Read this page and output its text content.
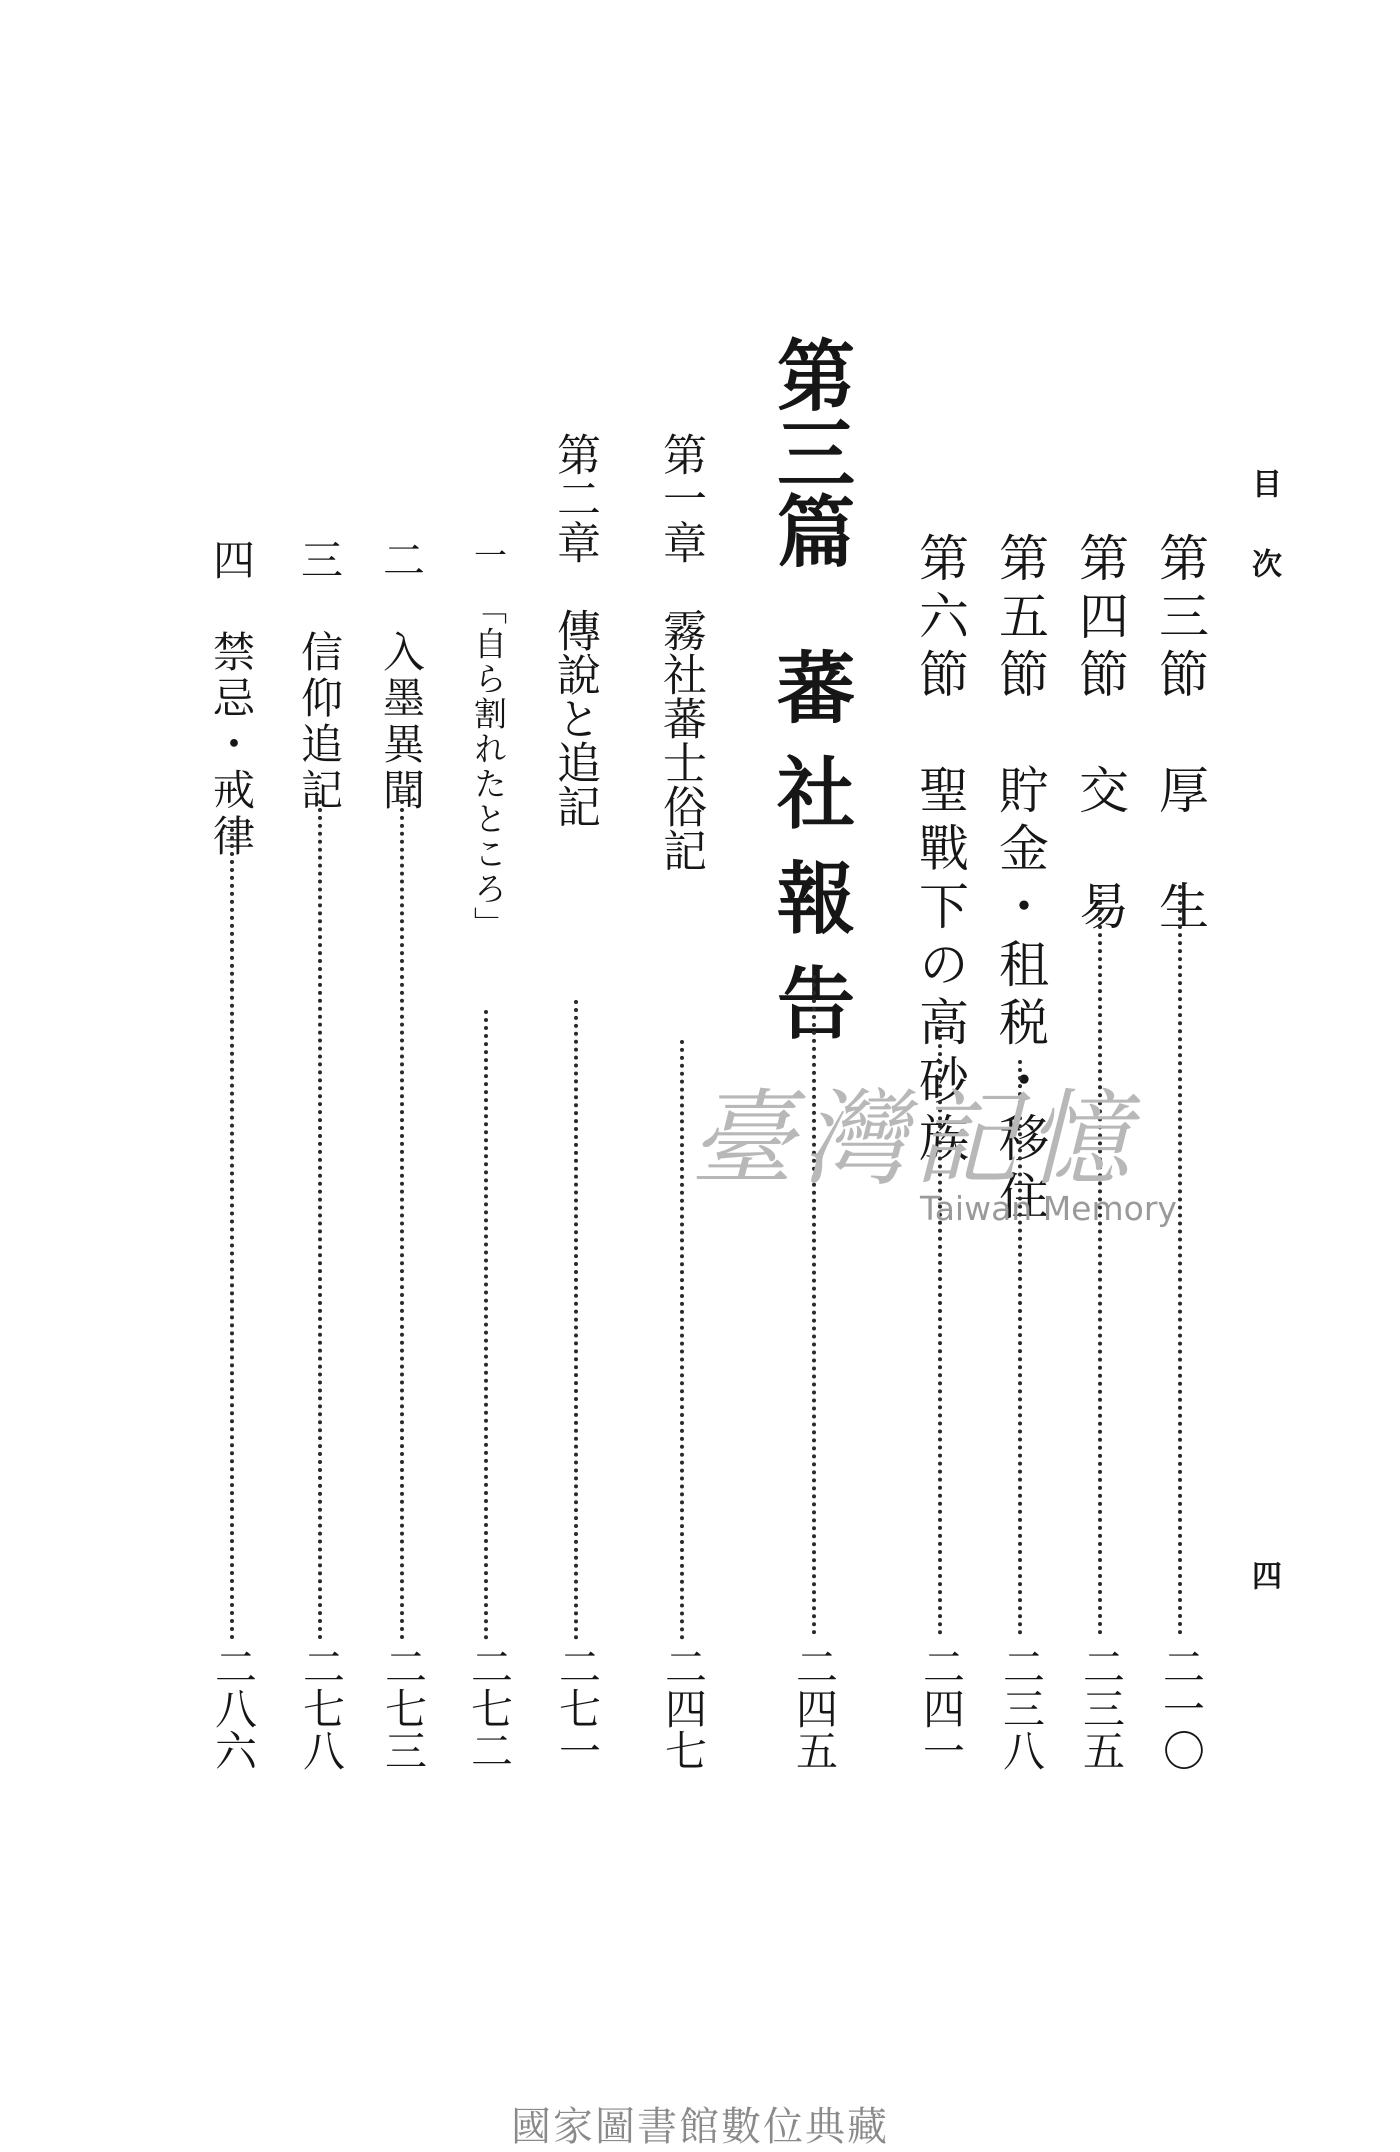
目次
四
第三節　厚　生
二一〇
第四節　交　易
二三五
第五節　貯金・租税・移住
二三八
第六節　聖戰下の高砂族
二四一
第三篇　蕃 社 報 告
二四五
第一章　霧社蕃士俗記
二四七
第二章　傳說と追記
二七一
一　「自ら割れたところ」
二七二
二　入墨異聞
二七三
三　信仰追記
二七八
四　禁忌・戒律
二八六
臺灣記憶
Taiwan Memory
國家圖書館數位典藏
